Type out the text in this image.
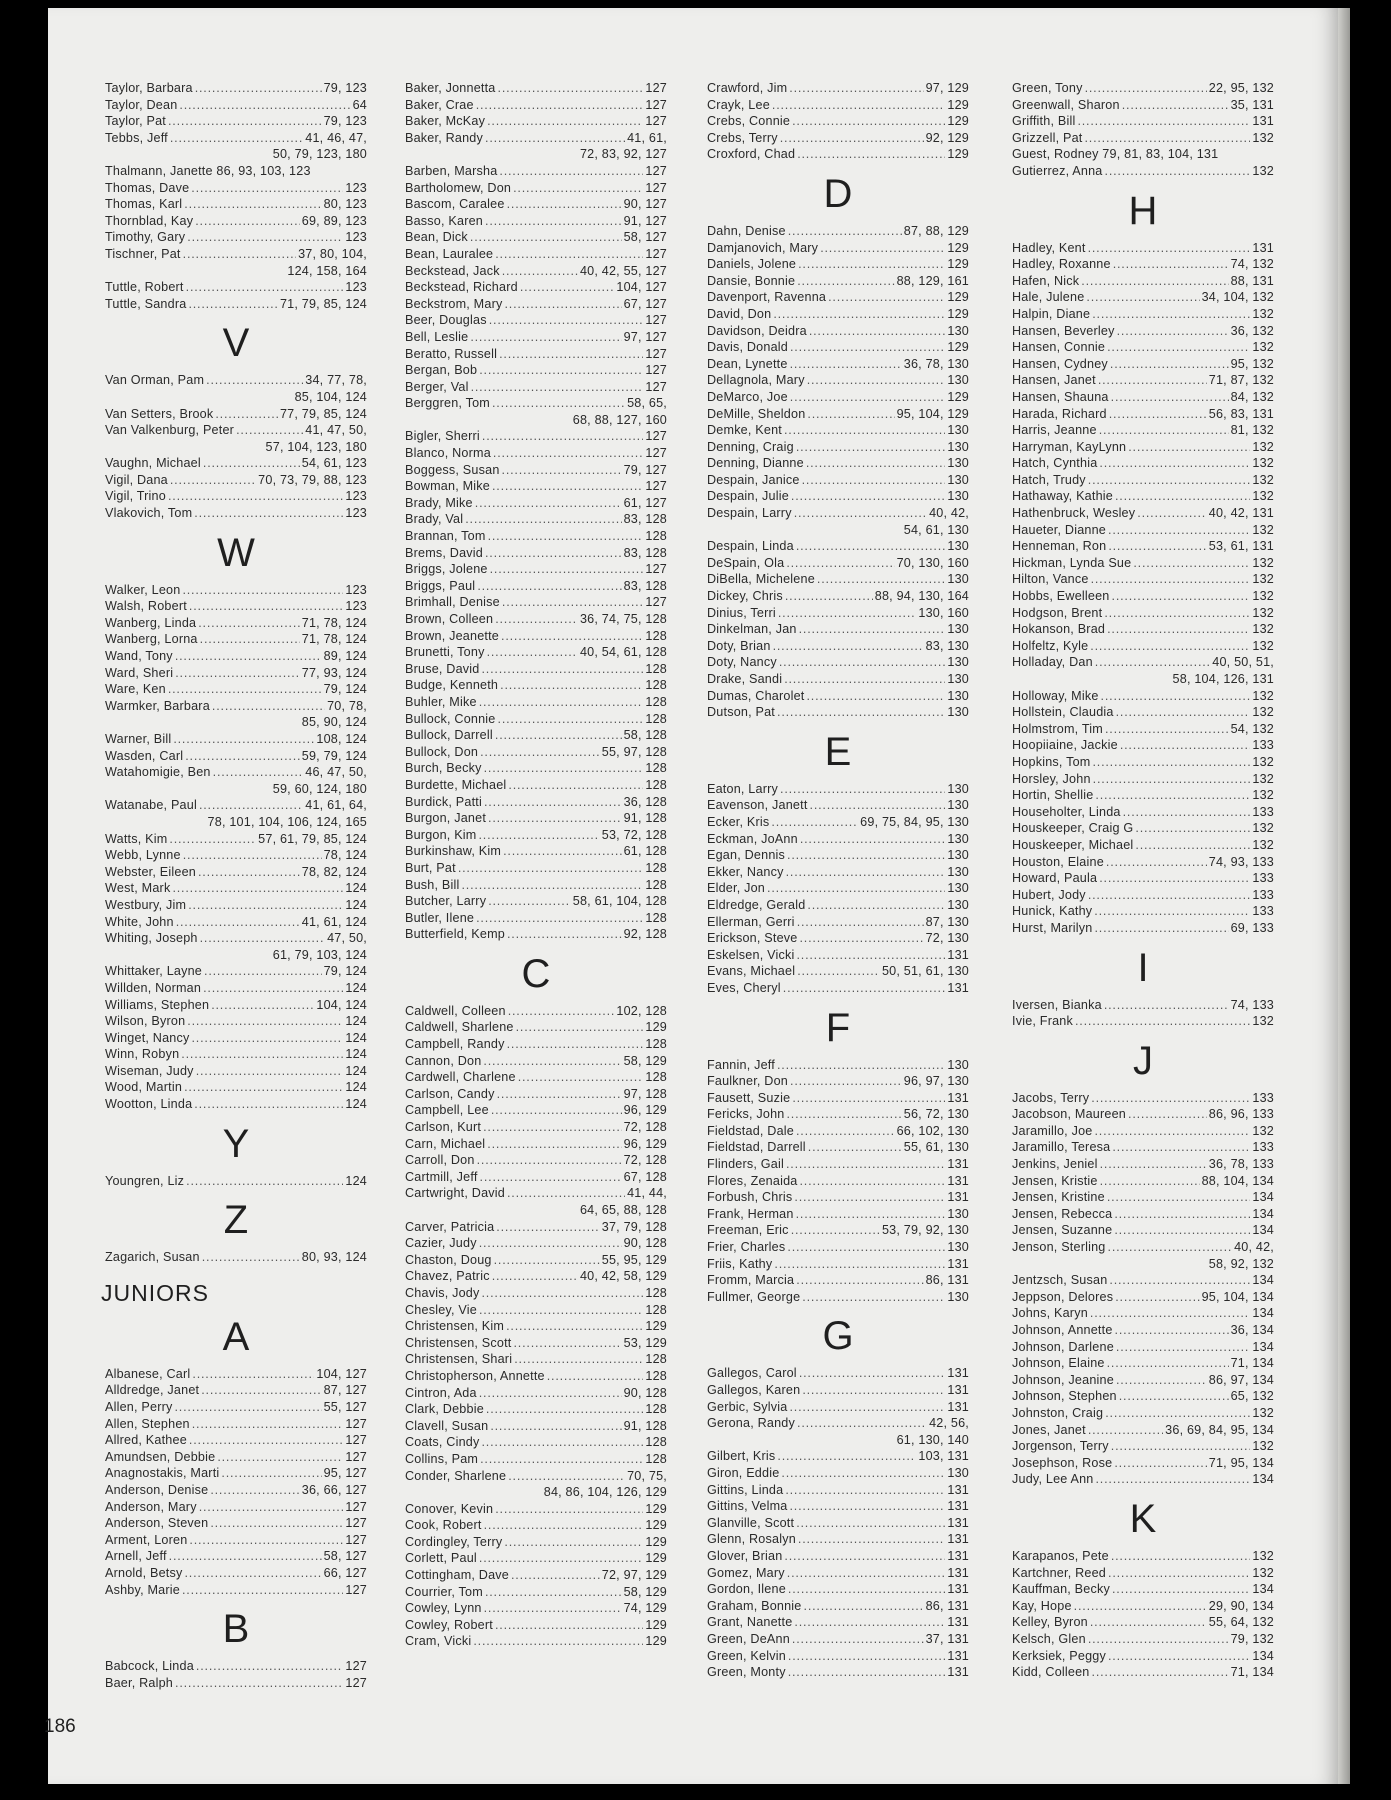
Taylor, Barbara .....	79, 123
Taylor, Dean .....	64
Taylor, Pat .....	79, 123
Tebbs, Jeff .....	41, 46, 47,
50, 79, 123, 180
Thalmann, Janette 86, 93, 103, 123
Thomas, Dave .....	123
Thomas, Karl .....	80, 123
Thornblad, Kay .....	69, 89, 123
Timothy, Gary .....	123
Tischner, Pat .....	37, 80, 104,
124, 158, 164
Tuttle, Robert .....	123
Tuttle, Sandra .....	71, 79, 85, 124
V
Van Orman, Pam .....	34, 77, 78,
85, 104, 124
Van Setters, Brook .....	77, 79, 85, 124
Van Valkenburg, Peter .....	41, 47, 50,
57, 104, 123, 180
Vaughn, Michael .....	54, 61, 123
Vigil, Dana .....	70, 73, 79, 88, 123
Vigil, Trino .....	123
Vlakovich, Tom .....	123
W
Walker, Leon .....	123
Walsh, Robert .....	123
Wanberg, Linda .....	71, 78, 124
Wanberg, Lorna .....	71, 78, 124
Wand, Tony .....	89, 124
Ward, Sheri .....	77, 93, 124
Ware, Ken .....	79, 124
Warmker, Barbara .....	70, 78,
85, 90, 124
Warner, Bill .....	108, 124
Wasden, Carl .....	59, 79, 124
Watahomigie, Ben .....	46, 47, 50,
59, 60, 124, 180
Watanabe, Paul .....	41, 61, 64,
78, 101, 104, 106, 124, 165
Watts, Kim .....	57, 61, 79, 85, 124
Webb, Lynne .....	78, 124
Webster, Eileen .....	78, 82, 124
West, Mark .....	124
Westbury, Jim .....	124
White, John .....	41, 61, 124
Whiting, Joseph .....	47, 50,
61, 79, 103, 124
Whittaker, Layne .....	79, 124
Willden, Norman .....	124
Williams, Stephen .....	104, 124
Wilson, Byron .....	124
Winget, Nancy .....	124
Winn, Robyn .....	124
Wiseman, Judy .....	124
Wood, Martin .....	124
Wootton, Linda .....	124
Y
Youngren, Liz .....	124
Z
Zagarich, Susan .....	80, 93, 124
JUNIORS
A
Albanese, Carl .....	104, 127
Alldredge, Janet .....	87, 127
Allen, Perry .....	55, 127
Allen, Stephen .....	127
Allred, Kathee .....	127
Amundsen, Debbie .....	127
Anagnostakis, Marti .....	95, 127
Anderson, Denise .....	36, 66, 127
Anderson, Mary .....	127
Anderson, Steven .....	127
Arment, Loren .....	127
Arnell, Jeff .....	58, 127
Arnold, Betsy .....	66, 127
Ashby, Marie .....	127
B
Babcock, Linda .....	127
Baer, Ralph .....	127
Baker, Jonnetta .....	127
Baker, Crae .....	127
Baker, McKay .....	127
Baker, Randy .....	41, 61,
72, 83, 92, 127
Barben, Marsha .....	127
Bartholomew, Don .....	127
Bascom, Caralee .....	90, 127
Basso, Karen .....	91, 127
Bean, Dick .....	58, 127
Bean, Lauralee .....	127
Beckstead, Jack .....	40, 42, 55, 127
Beckstead, Richard .....	104, 127
Beckstrom, Mary .....	67, 127
Beer, Douglas .....	127
Bell, Leslie .....	97, 127
Beratto, Russell .....	127
Bergan, Bob .....	127
Berger, Val .....	127
Berggren, Tom .....	58, 65,
68, 88, 127, 160
Bigler, Sherri .....	127
Blanco, Norma .....	127
Boggess, Susan .....	79, 127
Bowman, Mike .....	127
Brady, Mike .....	61, 127
Brady, Val .....	83, 128
Brannan, Tom .....	128
Brems, David .....	83, 128
Briggs, Jolene .....	127
Briggs, Paul .....	83, 128
Brimhall, Denise .....	127
Brown, Colleen .....	36, 74, 75, 128
Brown, Jeanette .....	128
Brunetti, Tony .....	40, 54, 61, 128
Bruse, David .....	128
Budge, Kenneth .....	128
Buhler, Mike .....	128
Bullock, Connie .....	128
Bullock, Darrell .....	58, 128
Bullock, Don .....	55, 97, 128
Burch, Becky .....	128
Burdette, Michael .....	128
Burdick, Patti .....	36, 128
Burgon, Janet .....	91, 128
Burgon, Kim .....	53, 72, 128
Burkinshaw, Kim .....	61, 128
Burt, Pat .....	128
Bush, Bill .....	128
Butcher, Larry .....	58, 61, 104, 128
Butler, Ilene .....	128
Butterfield, Kemp .....	92, 128
C
Caldwell, Colleen .....	102, 128
Caldwell, Sharlene .....	129
Campbell, Randy .....	128
Cannon, Don .....	58, 129
Cardwell, Charlene .....	128
Carlson, Candy .....	97, 128
Campbell, Lee .....	96, 129
Carlson, Kurt .....	72, 128
Carn, Michael .....	96, 129
Carroll, Don .....	72, 128
Cartmill, Jeff .....	67, 128
Cartwright, David .....	41, 44,
64, 65, 88, 128
Carver, Patricia .....	37, 79, 128
Cazier, Judy .....	90, 128
Chaston, Doug .....	55, 95, 129
Chavez, Patric .....	40, 42, 58, 129
Chavis, Jody .....	128
Chesley, Vie .....	128
Christensen, Kim .....	129
Christensen, Scott .....	53, 129
Christensen, Shari .....	128
Christopherson, Annette .....	128
Cintron, Ada .....	90, 128
Clark, Debbie .....	128
Clavell, Susan .....	91, 128
Coats, Cindy .....	128
Collins, Pam .....	128
Conder, Sharlene .....	70, 75,
84, 86, 104, 126, 129
Conover, Kevin .....	129
Cook, Robert .....	129
Cordingley, Terry .....	129
Corlett, Paul .....	129
Cottingham, Dave .....	72, 97, 129
Courrier, Tom .....	58, 129
Cowley, Lynn .....	74, 129
Cowley, Robert .....	129
Cram, Vicki .....	129
Crawford, Jim .....	97, 129
Crayk, Lee .....	129
Crebs, Connie .....	129
Crebs, Terry .....	92, 129
Croxford, Chad .....	129
D
Dahn, Denise .....	87, 88, 129
Damjanovich, Mary .....	129
Daniels, Jolene .....	129
Dansie, Bonnie .....	88, 129, 161
Davenport, Ravenna .....	129
David, Don .....	129
Davidson, Deidra .....	130
Davis, Donald .....	129
Dean, Lynette .....	36, 78, 130
Dellagnola, Mary .....	130
DeMarco, Joe .....	129
DeMille, Sheldon .....	95, 104, 129
Demke, Kent .....	130
Denning, Craig .....	130
Denning, Dianne .....	130
Despain, Janice .....	130
Despain, Julie .....	130
Despain, Larry .....	40, 42,
54, 61, 130
Despain, Linda .....	130
DeSpain, Ola .....	70, 130, 160
DiBella, Michelene .....	130
Dickey, Chris .....	88, 94, 130, 164
Dinius, Terri .....	130, 160
Dinkelman, Jan .....	130
Doty, Brian .....	83, 130
Doty, Nancy .....	130
Drake, Sandi .....	130
Dumas, Charolet .....	130
Dutson, Pat .....	130
E
Eaton, Larry .....	130
Eavenson, Janett .....	130
Ecker, Kris .....	69, 75, 84, 95, 130
Eckman, JoAnn .....	130
Egan, Dennis .....	130
Ekker, Nancy .....	130
Elder, Jon .....	130
Eldredge, Gerald .....	130
Ellerman, Gerri .....	87, 130
Erickson, Steve .....	72, 130
Eskelsen, Vicki .....	131
Evans, Michael .....	50, 51, 61, 130
Eves, Cheryl .....	131
F
Fannin, Jeff .....	130
Faulkner, Don .....	96, 97, 130
Fausett, Suzie .....	131
Fericks, John .....	56, 72, 130
Fieldstad, Dale .....	66, 102, 130
Fieldstad, Darrell .....	55, 61, 130
Flinders, Gail .....	131
Flores, Zenaida .....	131
Forbush, Chris .....	131
Frank, Herman .....	130
Freeman, Eric .....	53, 79, 92, 130
Frier, Charles .....	130
Friis, Kathy .....	131
Fromm, Marcia .....	86, 131
Fullmer, George .....	130
G
Gallegos, Carol .....	131
Gallegos, Karen .....	131
Gerbic, Sylvia .....	131
Gerona, Randy .....	42, 56,
61, 130, 140
Gilbert, Kris .....	103, 131
Giron, Eddie .....	130
Gittins, Linda .....	131
Gittins, Velma .....	131
Glanville, Scott .....	131
Glenn, Rosalyn .....	131
Glover, Brian .....	131
Gomez, Mary .....	131
Gordon, Ilene .....	131
Graham, Bonnie .....	86, 131
Grant, Nanette .....	131
Green, DeAnn .....	37, 131
Green, Kelvin .....	131
Green, Monty .....	131
Green, Tony .....	22, 95, 132
Greenwall, Sharon .....	35, 131
Griffith, Bill .....	131
Grizzell, Pat .....	132
Guest, Rodney 79, 81, 83, 104, 131
Gutierrez, Anna .....	132
H
Hadley, Kent .....	131
Hadley, Roxanne .....	74, 132
Hafen, Nick .....	88, 131
Hale, Julene .....	34, 104, 132
Halpin, Diane .....	132
Hansen, Beverley .....	36, 132
Hansen, Connie .....	132
Hansen, Cydney .....	95, 132
Hansen, Janet .....	71, 87, 132
Hansen, Shauna .....	84, 132
Harada, Richard .....	56, 83, 131
Harris, Jeanne .....	81, 132
Harryman, KayLynn .....	132
Hatch, Cynthia .....	132
Hatch, Trudy .....	132
Hathaway, Kathie .....	132
Hathenbruck, Wesley .....	40, 42, 131
Haueter, Dianne .....	132
Henneman, Ron .....	53, 61, 131
Hickman, Lynda Sue .....	132
Hilton, Vance .....	132
Hobbs, Ewelleen .....	132
Hodgson, Brent .....	132
Hokanson, Brad .....	132
Holfeltz, Kyle .....	132
Holladay, Dan .....	40, 50, 51,
58, 104, 126, 131
Holloway, Mike .....	132
Hollstein, Claudia .....	132
Holmstrom, Tim .....	54, 132
Hoopiiaine, Jackie .....	133
Hopkins, Tom .....	132
Horsley, John .....	132
Hortin, Shellie .....	132
Householter, Linda .....	133
Houskeeper, Craig G .....	132
Houskeeper, Michael .....	132
Houston, Elaine .....	74, 93, 133
Howard, Paula .....	133
Hubert, Jody .....	133
Hunick, Kathy .....	133
Hurst, Marilyn .....	69, 133
I
Iversen, Bianka .....	74, 133
Ivie, Frank .....	132
J
Jacobs, Terry .....	133
Jacobson, Maureen .....	86, 96, 133
Jaramillo, Joe .....	132
Jaramillo, Teresa .....	133
Jenkins, Jeniel .....	36, 78, 133
Jensen, Kristie .....	88, 104, 134
Jensen, Kristine .....	134
Jensen, Rebecca .....	134
Jensen, Suzanne .....	134
Jenson, Sterling .....	40, 42,
58, 92, 132
Jentzsch, Susan .....	134
Jeppson, Delores .....	95, 104, 134
Johns, Karyn .....	134
Johnson, Annette .....	36, 134
Johnson, Darlene .....	134
Johnson, Elaine .....	71, 134
Johnson, Jeanine .....	86, 97, 134
Johnson, Stephen .....	65, 132
Johnston, Craig .....	132
Jones, Janet .....	36, 69, 84, 95, 134
Jorgenson, Terry .....	132
Josephson, Rose .....	71, 95, 134
Judy, Lee Ann .....	134
K
Karapanos, Pete .....	132
Kartchner, Reed .....	132
Kauffman, Becky .....	134
Kay, Hope .....	29, 90, 134
Kelley, Byron .....	55, 64, 132
Kelsch, Glen .....	79, 132
Kerksiek, Peggy .....	134
Kidd, Colleen .....	71, 134
186
